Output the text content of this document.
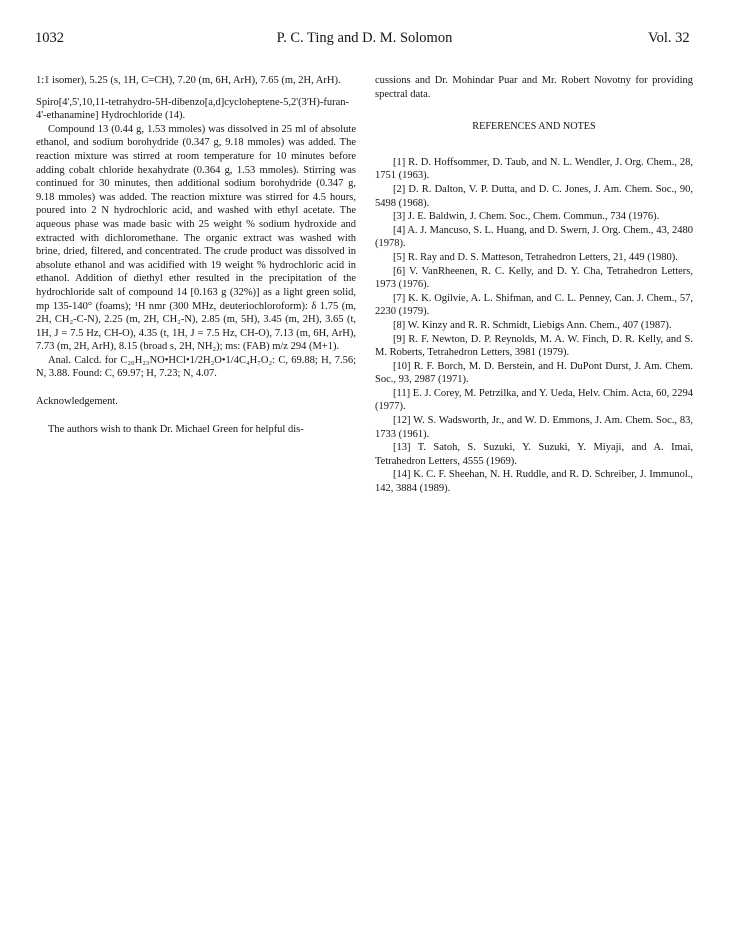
1032	P. C. Ting and D. M. Solomon	Vol. 32

1:1 isomer), 5.25 (s, 1H, C=CH), 7.20 (m, 6H, ArH), 7.65 (m, 2H, ArH).

Spiro[4',5',10,11-tetrahydro-5H-dibenzo[a,d]cycloheptene-5,2'(3'H)-furan-4'-ethanamine] Hydrochloride (14).

Compound 13 (0.44 g, 1.53 mmoles) was dissolved in 25 ml of absolute ethanol, and sodium borohydride (0.347 g, 9.18 mmoles) was added. The reaction mixture was stirred at room temperature for 10 minutes before adding cobalt chloride hexahydrate (0.364 g, 1.53 mmoles). Stirring was continued for 30 minutes, then additional sodium borohydride (0.347 g, 9.18 mmoles) was added. The reaction mixture was stirred for 4.5 hours, poured into 2 N hydrochloric acid, and washed with ethyl acetate. The aqueous phase was made basic with 25 weight % sodium hydroxide and extracted with dichloromethane. The organic extract was washed with brine, dried, filtered, and concentrated. The crude product was dissolved in absolute ethanol and was acidified with 19 weight % hydrochloric acid in ethanol. Addition of diethyl ether resulted in the precipitation of the hydrochloride salt of compound 14 [0.163 g (32%)] as a light green solid, mp 135-140° (foams); ¹H nmr (300 MHz, deuteriochloroform): δ 1.75 (m, 2H, CH₂-C-N), 2.25 (m, 2H, CH₂-N), 2.85 (m, 5H), 3.45 (m, 2H), 3.65 (t, 1H, J = 7.5 Hz, CH-O), 4.35 (t, 1H, J = 7.5 Hz, CH-O), 7.13 (m, 6H, ArH), 7.73 (m, 2H, ArH), 8.15 (broad s, 2H, NH₂); ms: (FAB) m/z 294 (M+1).

Anal. Calcd. for C₂₀H₂₃NO•HCl•1/2H₂O•1/4C₄H₇O₂: C, 69.88; H, 7.56; N, 3.88. Found: C, 69.97; H, 7.23; N, 4.07.

Acknowledgement.

The authors wish to thank Dr. Michael Green for helpful dis-

cussions and Dr. Mohindar Puar and Mr. Robert Novotny for providing spectral data.

REFERENCES AND NOTES

[1] R. D. Hoffsommer, D. Taub, and N. L. Wendler, J. Org. Chem., 28, 1751 (1963).

[2] D. R. Dalton, V. P. Dutta, and D. C. Jones, J. Am. Chem. Soc., 90, 5498 (1968).

[3] J. E. Baldwin, J. Chem. Soc., Chem. Commun., 734 (1976).

[4] A. J. Mancuso, S. L. Huang, and D. Swern, J. Org. Chem., 43, 2480 (1978).

[5] R. Ray and D. S. Matteson, Tetrahedron Letters, 21, 449 (1980).

[6] V. VanRheenen, R. C. Kelly, and D. Y. Cha, Tetrahedron Letters, 1973 (1976).

[7] K. K. Ogilvie, A. L. Shifman, and C. L. Penney, Can. J. Chem., 57, 2230 (1979).

[8] W. Kinzy and R. R. Schmidt, Liebigs Ann. Chem., 407 (1987).

[9] R. F. Newton, D. P. Reynolds, M. A. W. Finch, D. R. Kelly, and S. M. Roberts, Tetrahedron Letters, 3981 (1979).

[10] R. F. Borch, M. D. Berstein, and H. DuPont Durst, J. Am. Chem. Soc., 93, 2987 (1971).

[11] E. J. Corey, M. Petrzilka, and Y. Ueda, Helv. Chim. Acta, 60, 2294 (1977).

[12] W. S. Wadsworth, Jr., and W. D. Emmons, J. Am. Chem. Soc., 83, 1733 (1961).

[13] T. Satoh, S. Suzuki, Y. Suzuki, Y. Miyaji, and A. Imai, Tetrahedron Letters, 4555 (1969).

[14] K. C. F. Sheehan, N. H. Ruddle, and R. D. Schreiber, J. Immunol., 142, 3884 (1989).
